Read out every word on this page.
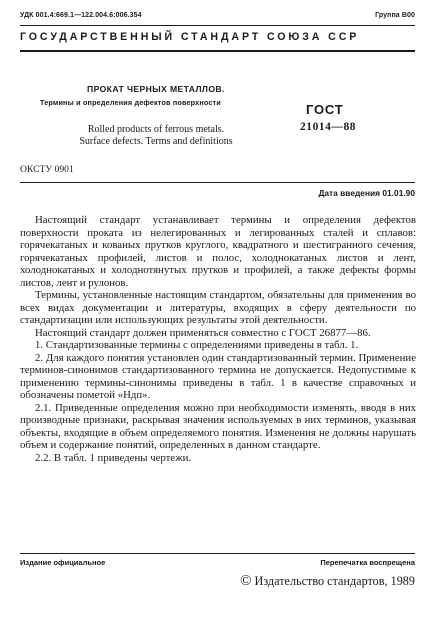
УДК 001.4:669.1—122.004.6:006.354	Группа В00
ГОСУДАРСТВЕННЫЙ СТАНДАРТ СОЮЗА ССР
ПРОКАТ ЧЕРНЫХ МЕТАЛЛОВ.
Термины и определения дефектов поверхности
Rolled products of ferrous metals.
Surface defects. Terms and definitions
ГОСТ
21014—88
ОКСТУ 0901
Дата введения 01.01.90

Настоящий стандарт устанавливает термины и определения дефектов поверхности проката из нелегированных и легированных сталей и сплавов: горячекатаных и кованых прутков круглого, квадратного и шестигранного сечения, горячекатаных профилей, листов и полос, холоднокатаных листов и лент, холоднокатаных и холоднотянутых прутков и профилей, а также дефекты формы листов, лент и рулонов.

Термины, установленные настоящим стандартом, обязательны для применения во всех видах документации и литературы, входящих в сферу деятельности по стандартизации или использующих результаты этой деятельности.

Настоящий стандарт должен применяться совместно с ГОСТ 26877—86.

1. Стандартизованные термины с определениями приведены в табл. 1.

2. Для каждого понятия установлен один стандартизованный термин. Применение терминов-синонимов стандартизованного термина не допускается. Недопустимые к применению термины-синонимы приведены в табл. 1 в качестве справочных и обозначены пометой «Ндп».

2.1. Приведенные определения можно при необходимости изменять, вводя в них производные признаки, раскрывая значения используемых в них терминов, указывая объекты, входящие в объем определяемого понятия. Изменения не должны нарушать объем и содержание понятий, определенных в данном стандарте.

2.2. В табл. 1 приведены чертежи.

Издание официальное	Перепечатка воспрещена
© Издательство стандартов, 1989
